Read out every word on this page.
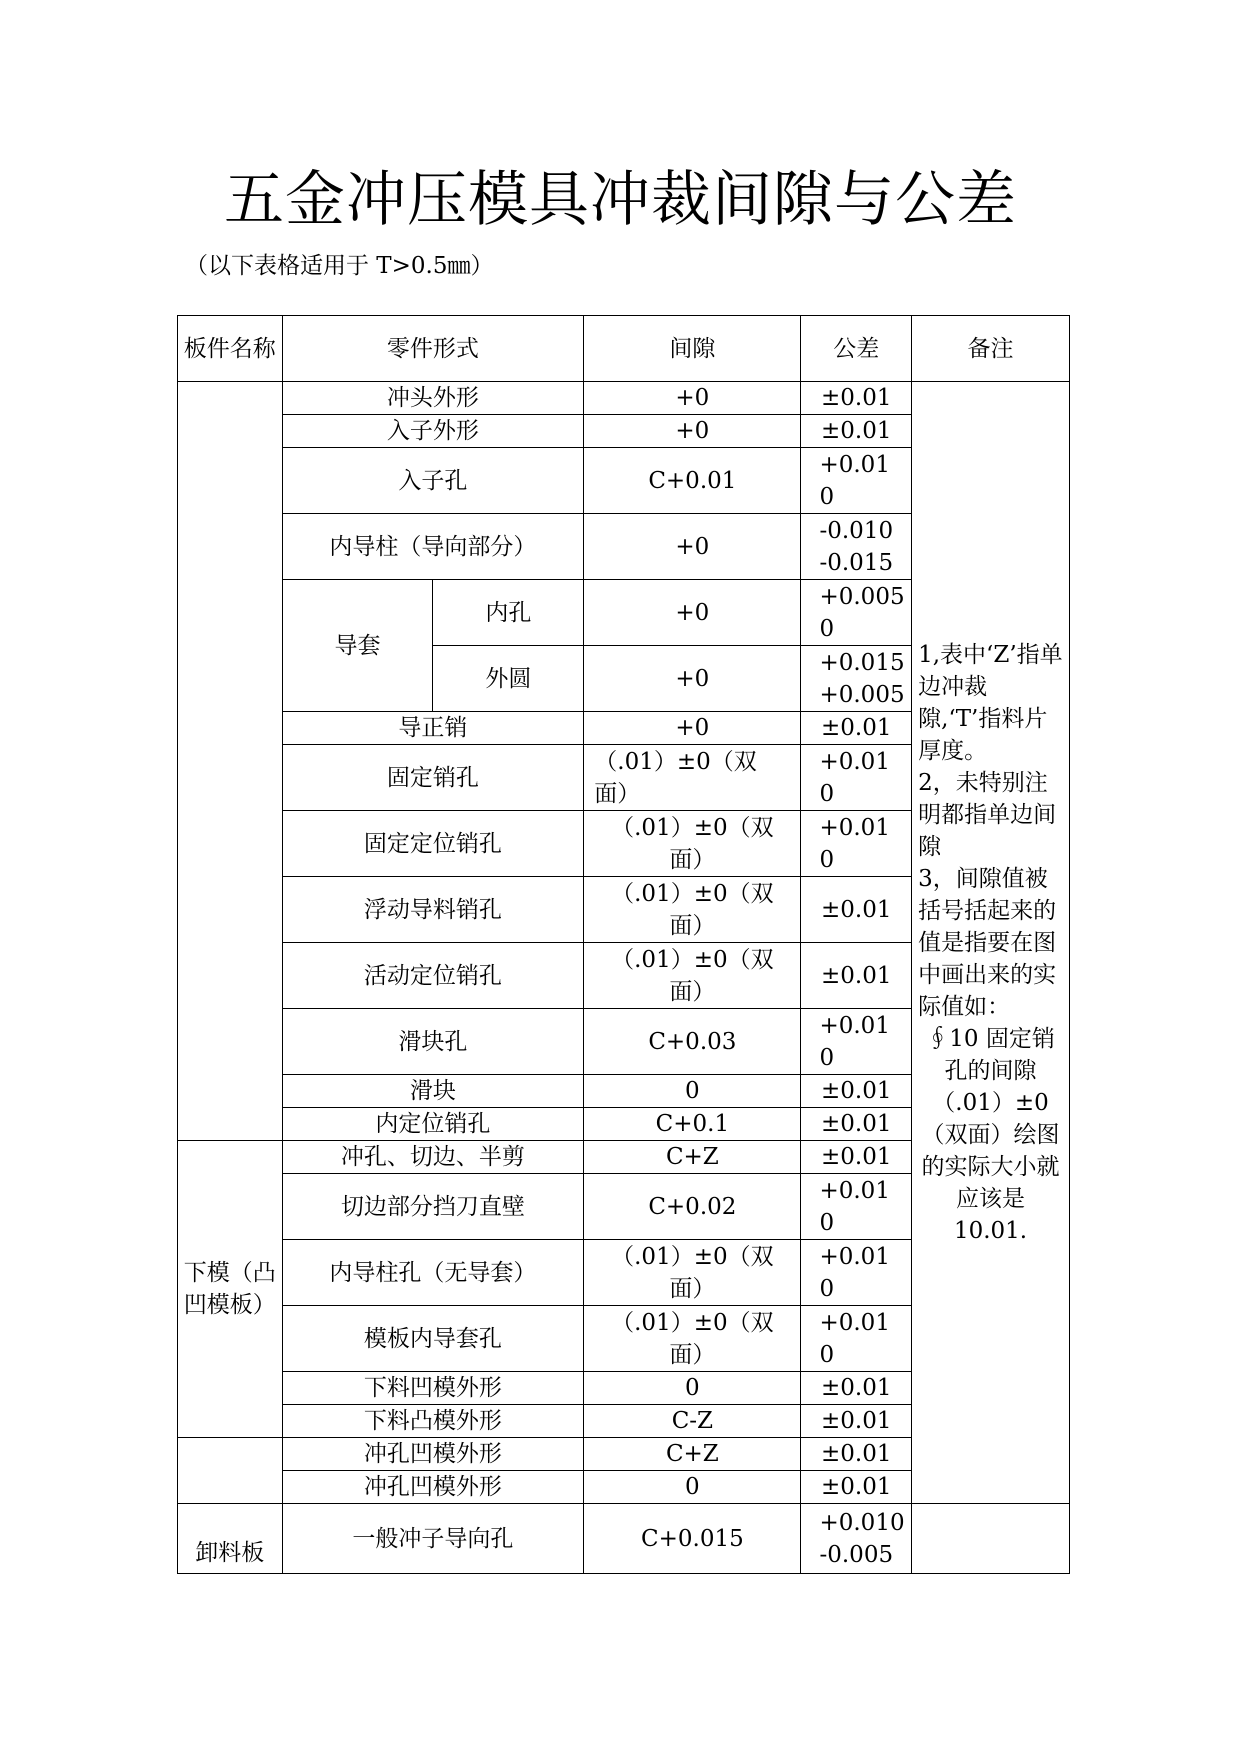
五金冲压模具冲裁间隙与公差
（以下表格适用于 T>0.5㎜）
板件名称	零件形式		间隙	公差	备注
	冲头外形		+0	±0.01	1,表中‘Z’指单边冲裁隙,‘T’指料片厚度。
2，未特别注明都指单边间隙
3，间隙值被括号括起来的值是指要在图中画出来的实际值如：
∮10 固定销孔的间隙（.01）±0（双面）绘图的实际大小就应该是 10.01.

	入子外形		+0	±0.01	
	入子孔		C+0.01	+0.01
0	

	内导柱（导向部分）		+0	-0.010
-0.015	

	导套	内孔	+0	+0.005
0	

		外圆	+0	+0.015
+0.005	

	导正销		+0	±0.01	
	固定销孔		（.01）±0（双面）	+0.01
0	

	固定定位销孔		（.01）±0（双面）	+0.01
0	

	浮动导料销孔		（.01）±0（双面）	±0.01	
	活动定位销孔		（.01）±0（双面）	±0.01	
	滑块孔		C+0.03	+0.01
0	

	滑块		0	±0.01	
	内定位销孔		C+0.1	±0.01	
下模（凸凹模板）	冲孔、切边、半剪		C+Z	±0.01	
	切边部分挡刀直壁		C+0.02	+0.01
0	

	内导柱孔（无导套）		（.01）±0（双面）	+0.01
0	

	模板内导套孔		（.01）±0（双面）	+0.01
0	

	下料凹模外形		0	±0.01	
	下料凸模外形		C-Z	±0.01	
	冲孔凹模外形		C+Z	±0.01	
	冲孔凹模外形		0	±0.01	
卸料板	一般冲子导向孔		C+0.015	+0.010
-0.005	
